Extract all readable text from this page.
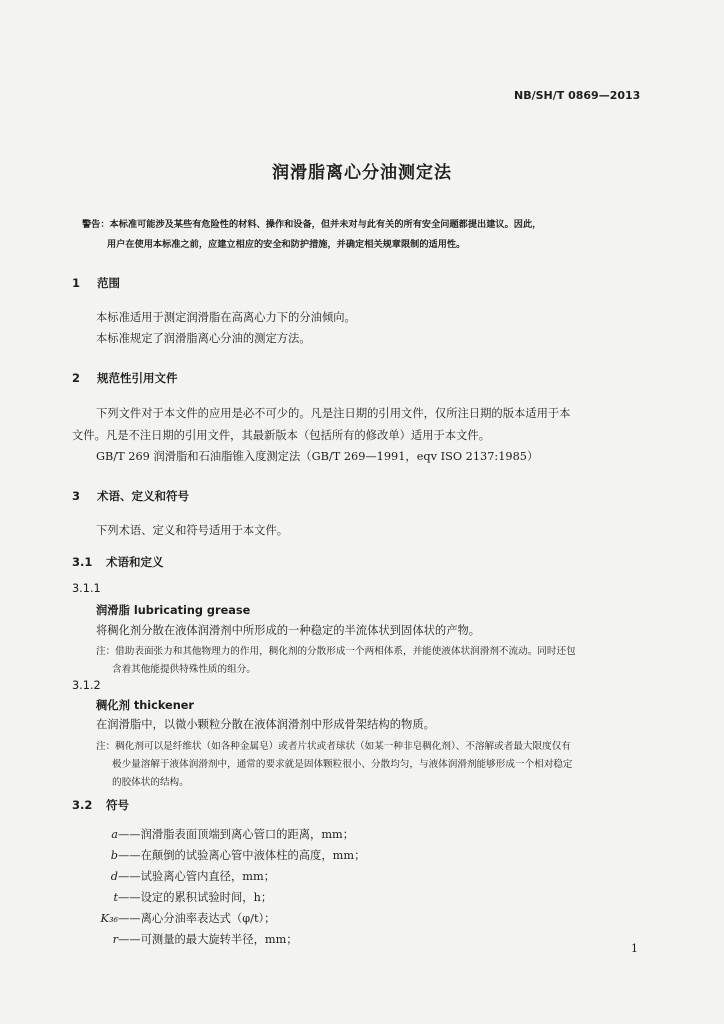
NB/SH/T 0869—2013
润滑脂离心分油测定法
警告：本标准可能涉及某些有危险性的材料、操作和设备，但并未对与此有关的所有安全问题都提出建议。因此，
用户在使用本标准之前，应建立相应的安全和防护措施，并确定相关规章限制的适用性。
1 范围
本标准适用于测定润滑脂在高离心力下的分油倾向。
本标准规定了润滑脂离心分油的测定方法。
2 规范性引用文件
下列文件对于本文件的应用是必不可少的。凡是注日期的引用文件，仅所注日期的版本适用于本
文件。凡是不注日期的引用文件，其最新版本（包括所有的修改单）适用于本文件。
GB/T 269 润滑脂和石油脂锥入度测定法（GB/T 269—1991，eqv ISO 2137:1985）
3 术语、定义和符号
下列术语、定义和符号适用于本文件。
3.1 术语和定义
3.1.1
润滑脂 lubricating grease
将稠化剂分散在液体润滑剂中所形成的一种稳定的半流体状到固体状的产物。
注：借助表面张力和其他物理力的作用，稠化剂的分散形成一个两相体系，并能使液体状润滑剂不流动。同时还包
含着其他能提供特殊性质的组分。
3.1.2
稠化剂 thickener
在润滑脂中，以微小颗粒分散在液体润滑剂中形成骨架结构的物质。
注：稠化剂可以是纤维状（如各种金属皂）或者片状或者球状（如某一种非皂稠化剂）、不溶解或者最大限度仅有
极少量溶解于液体润滑剂中，通常的要求就是固体颗粒很小、分散均匀，与液体润滑剂能够形成一个相对稳定
的胶体状的结构。
3.2 符号
a——润滑脂表面顶端到离心管口的距离，mm；
b——在颠倒的试验离心管中液体柱的高度，mm；
d——试验离心管内直径，mm；
t——设定的累积试验时间，h；
K₃₆——离心分油率表达式（φ/t）；
r——可测量的最大旋转半径，mm；
1
